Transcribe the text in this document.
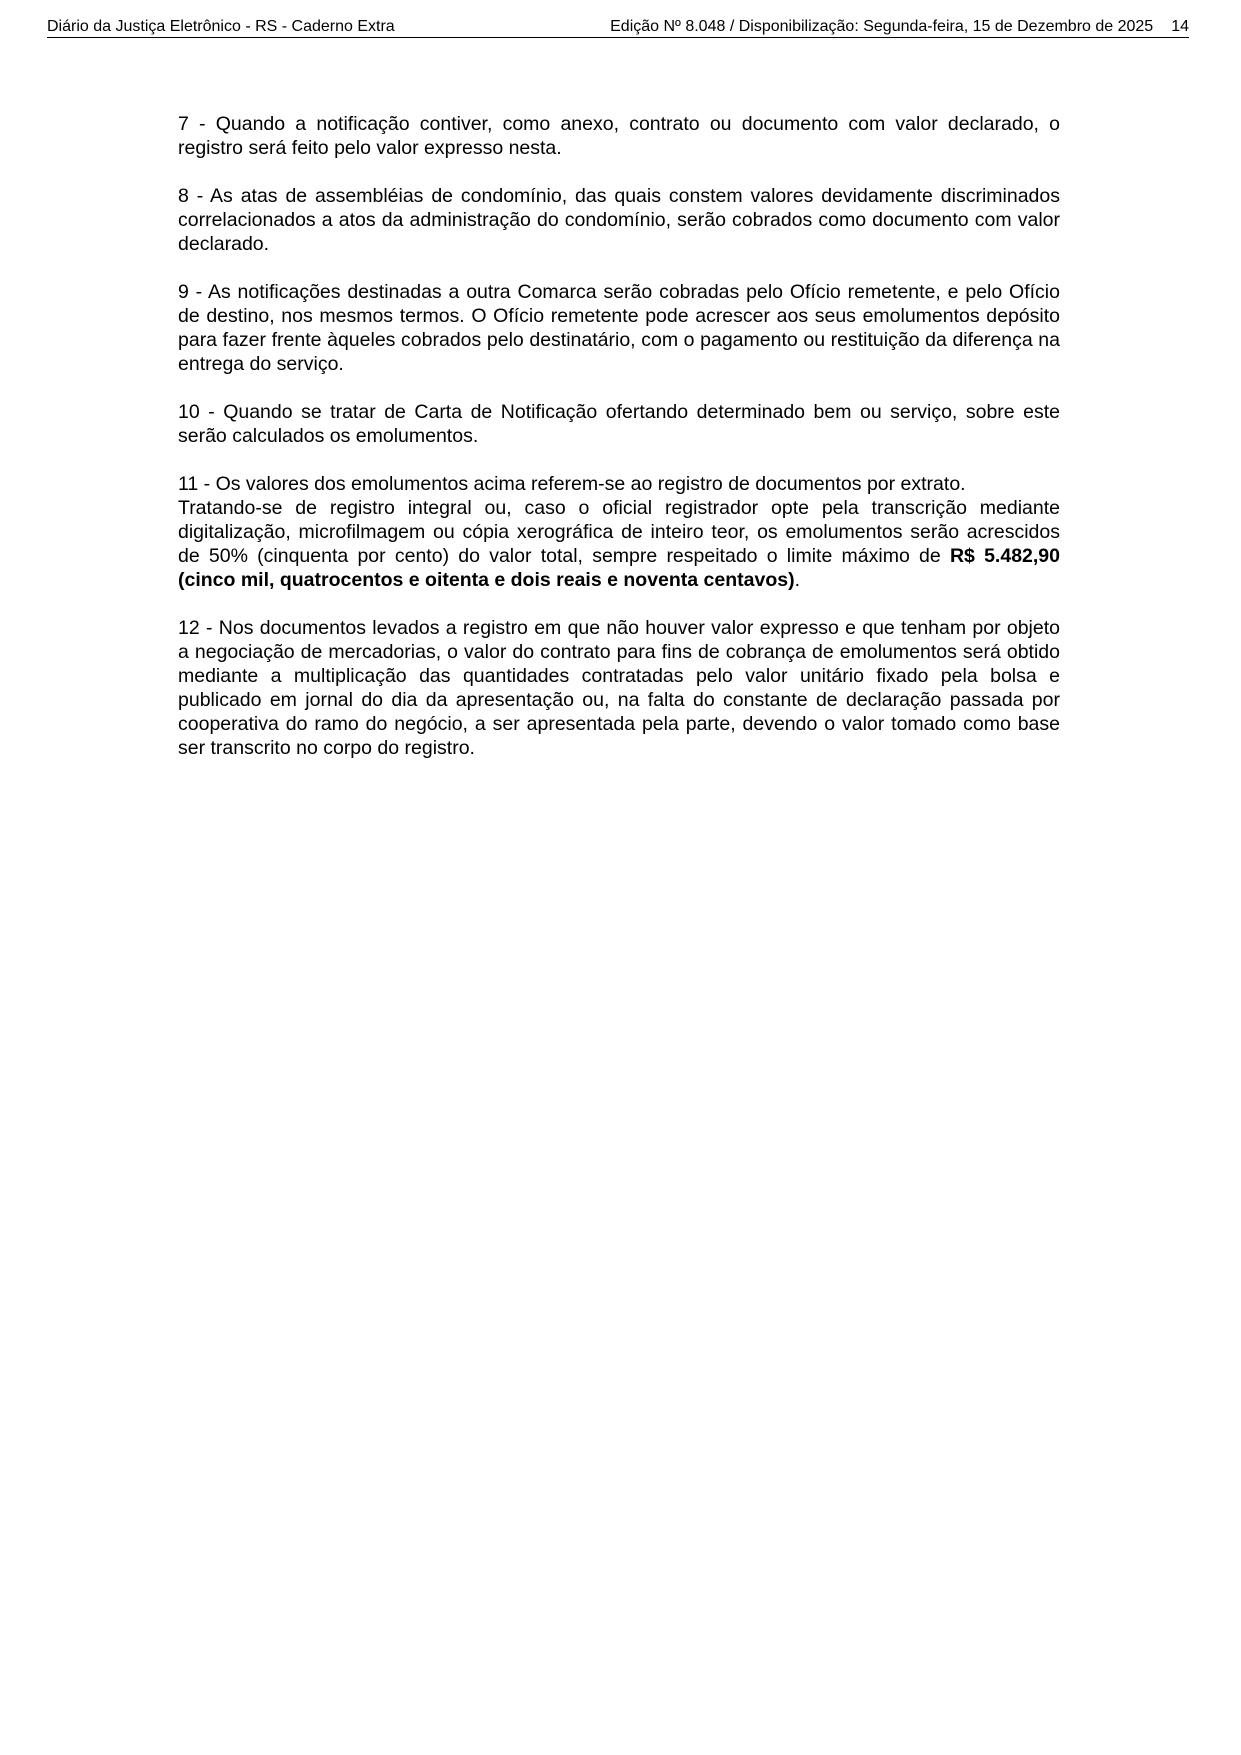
Diário da Justiça Eletrônico - RS - Caderno Extra	Edição Nº 8.048 / Disponibilização: Segunda-feira, 15 de Dezembro de 2025 14

7 - Quando a notificação contiver, como anexo, contrato ou documento com valor declarado, o registro será feito pelo valor expresso nesta.

8 - As atas de assembléias de condomínio, das quais constem valores devidamente discriminados correlacionados a atos da administração do condomínio, serão cobrados como documento com valor declarado.

9 - As notificações destinadas a outra Comarca serão cobradas pelo Ofício remetente, e pelo Ofício de destino, nos mesmos termos. O Ofício remetente pode acrescer aos seus emolumentos depósito para fazer frente àqueles cobrados pelo destinatário, com o pagamento ou restituição da diferença na entrega do serviço.

10 - Quando se tratar de Carta de Notificação ofertando determinado bem ou serviço, sobre este serão calculados os emolumentos.

11 - Os valores dos emolumentos acima referem-se ao registro de documentos por extrato.
Tratando-se de registro integral ou, caso o oficial registrador opte pela transcrição mediante digitalização, microfilmagem ou cópia xerográfica de inteiro teor, os emolumentos serão acrescidos de 50% (cinquenta por cento) do valor total, sempre respeitado o limite máximo de R$ 5.482,90 (cinco mil, quatrocentos e oitenta e dois reais e noventa centavos).

12 - Nos documentos levados a registro em que não houver valor expresso e que tenham por objeto a negociação de mercadorias, o valor do contrato para fins de cobrança de emolumentos será obtido mediante a multiplicação das quantidades contratadas pelo valor unitário fixado pela bolsa e publicado em jornal do dia da apresentação ou, na falta do constante de declaração passada por cooperativa do ramo do negócio, a ser apresentada pela parte, devendo o valor tomado como base ser transcrito no corpo do registro.
